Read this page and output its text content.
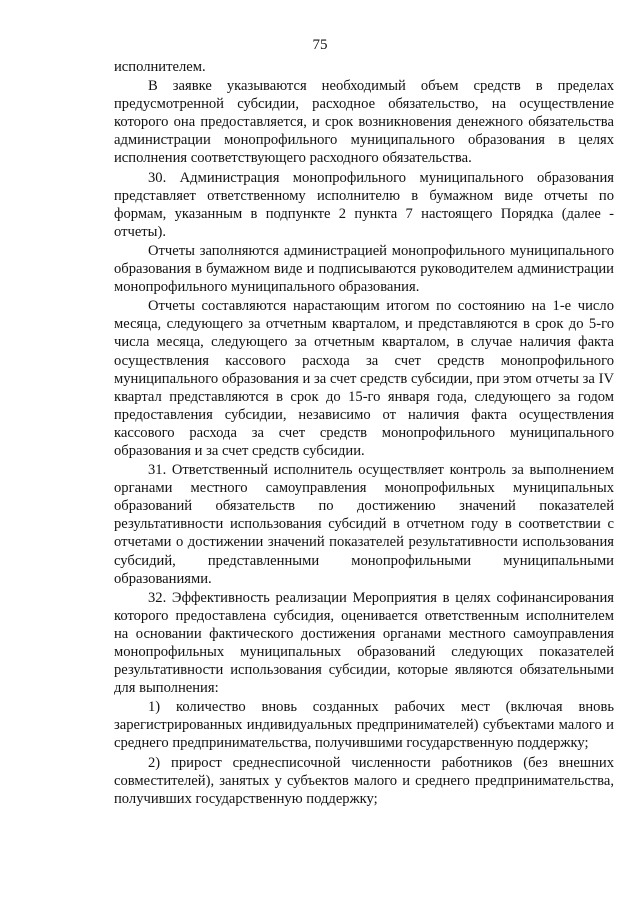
75

исполнителем.

В заявке указываются необходимый объем средств в пределах предусмотренной субсидии, расходное обязательство, на осуществление которого она предоставляется, и срок возникновения денежного обязательства администрации монопрофильного муниципального образования в целях исполнения соответствующего расходного обязательства.

30. Администрация монопрофильного муниципального образования представляет ответственному исполнителю в бумажном виде отчеты по формам, указанным в подпункте 2 пункта 7 настоящего Порядка (далее - отчеты).

Отчеты заполняются администрацией монопрофильного муниципального образования в бумажном виде и подписываются руководителем администрации монопрофильного муниципального образования.

Отчеты составляются нарастающим итогом по состоянию на 1-е число месяца, следующего за отчетным кварталом, и представляются в срок до 5-го числа месяца, следующего за отчетным кварталом, в случае наличия факта осуществления кассового расхода за счет средств монопрофильного муниципального образования и за счет средств субсидии, при этом отчеты за IV квартал представляются в срок до 15-го января года, следующего за годом предоставления субсидии, независимо от наличия факта осуществления кассового расхода за счет средств монопрофильного муниципального образования и за счет средств субсидии.

31. Ответственный исполнитель осуществляет контроль за выполнением органами местного самоуправления монопрофильных муниципальных образований обязательств по достижению значений показателей результативности использования субсидий в отчетном году в соответствии с отчетами о достижении значений показателей результативности использования субсидий, представленными монопрофильными муниципальными образованиями.

32. Эффективность реализации Мероприятия в целях софинансирования которого предоставлена субсидия, оценивается ответственным исполнителем на основании фактического достижения органами местного самоуправления монопрофильных муниципальных образований следующих показателей результативности использования субсидии, которые являются обязательными для выполнения:

1) количество вновь созданных рабочих мест (включая вновь зарегистрированных индивидуальных предпринимателей) субъектами малого и среднего предпринимательства, получившими государственную поддержку;

2) прирост среднесписочной численности работников (без внешних совместителей), занятых у субъектов малого и среднего предпринимательства, получивших государственную поддержку;
